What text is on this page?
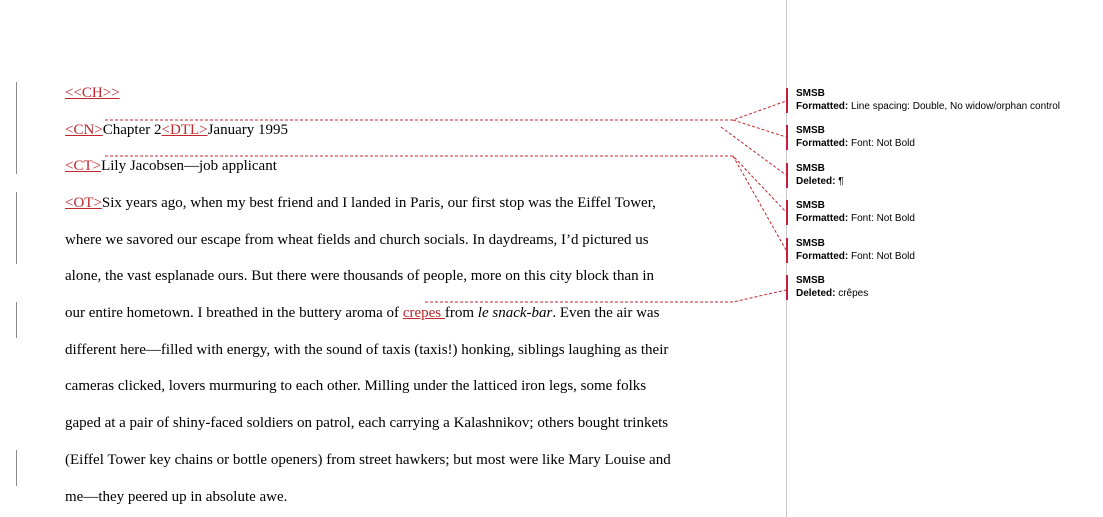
<<CH>>
<CN>Chapter 2<DTL>January 1995
<CT>Lily Jacobsen—job applicant
<OT>Six years ago, when my best friend and I landed in Paris, our first stop was the Eiffel Tower,
where we savored our escape from wheat fields and church socials. In daydreams, I’d pictured us
alone, the vast esplanade ours. But there were thousands of people, more on this city block than in
our entire hometown. I breathed in the buttery aroma of crepes from le snack-bar. Even the air was
different here—filled with energy, with the sound of taxis (taxis!) honking, siblings laughing as their
cameras clicked, lovers murmuring to each other. Milling under the latticed iron legs, some folks
gaped at a pair of shiny-faced soldiers on patrol, each carrying a Kalashnikov; others bought trinkets
(Eiffel Tower key chains or bottle openers) from street hawkers; but most were like Mary Louise and
me—they peered up in absolute awe.
SMSB
Formatted: Line spacing: Double, No widow/orphan control
SMSB
Formatted: Font: Not Bold
SMSB
Deleted: ¶
SMSB
Formatted: Font: Not Bold
SMSB
Formatted: Font: Not Bold
SMSB
Deleted: crêpes
